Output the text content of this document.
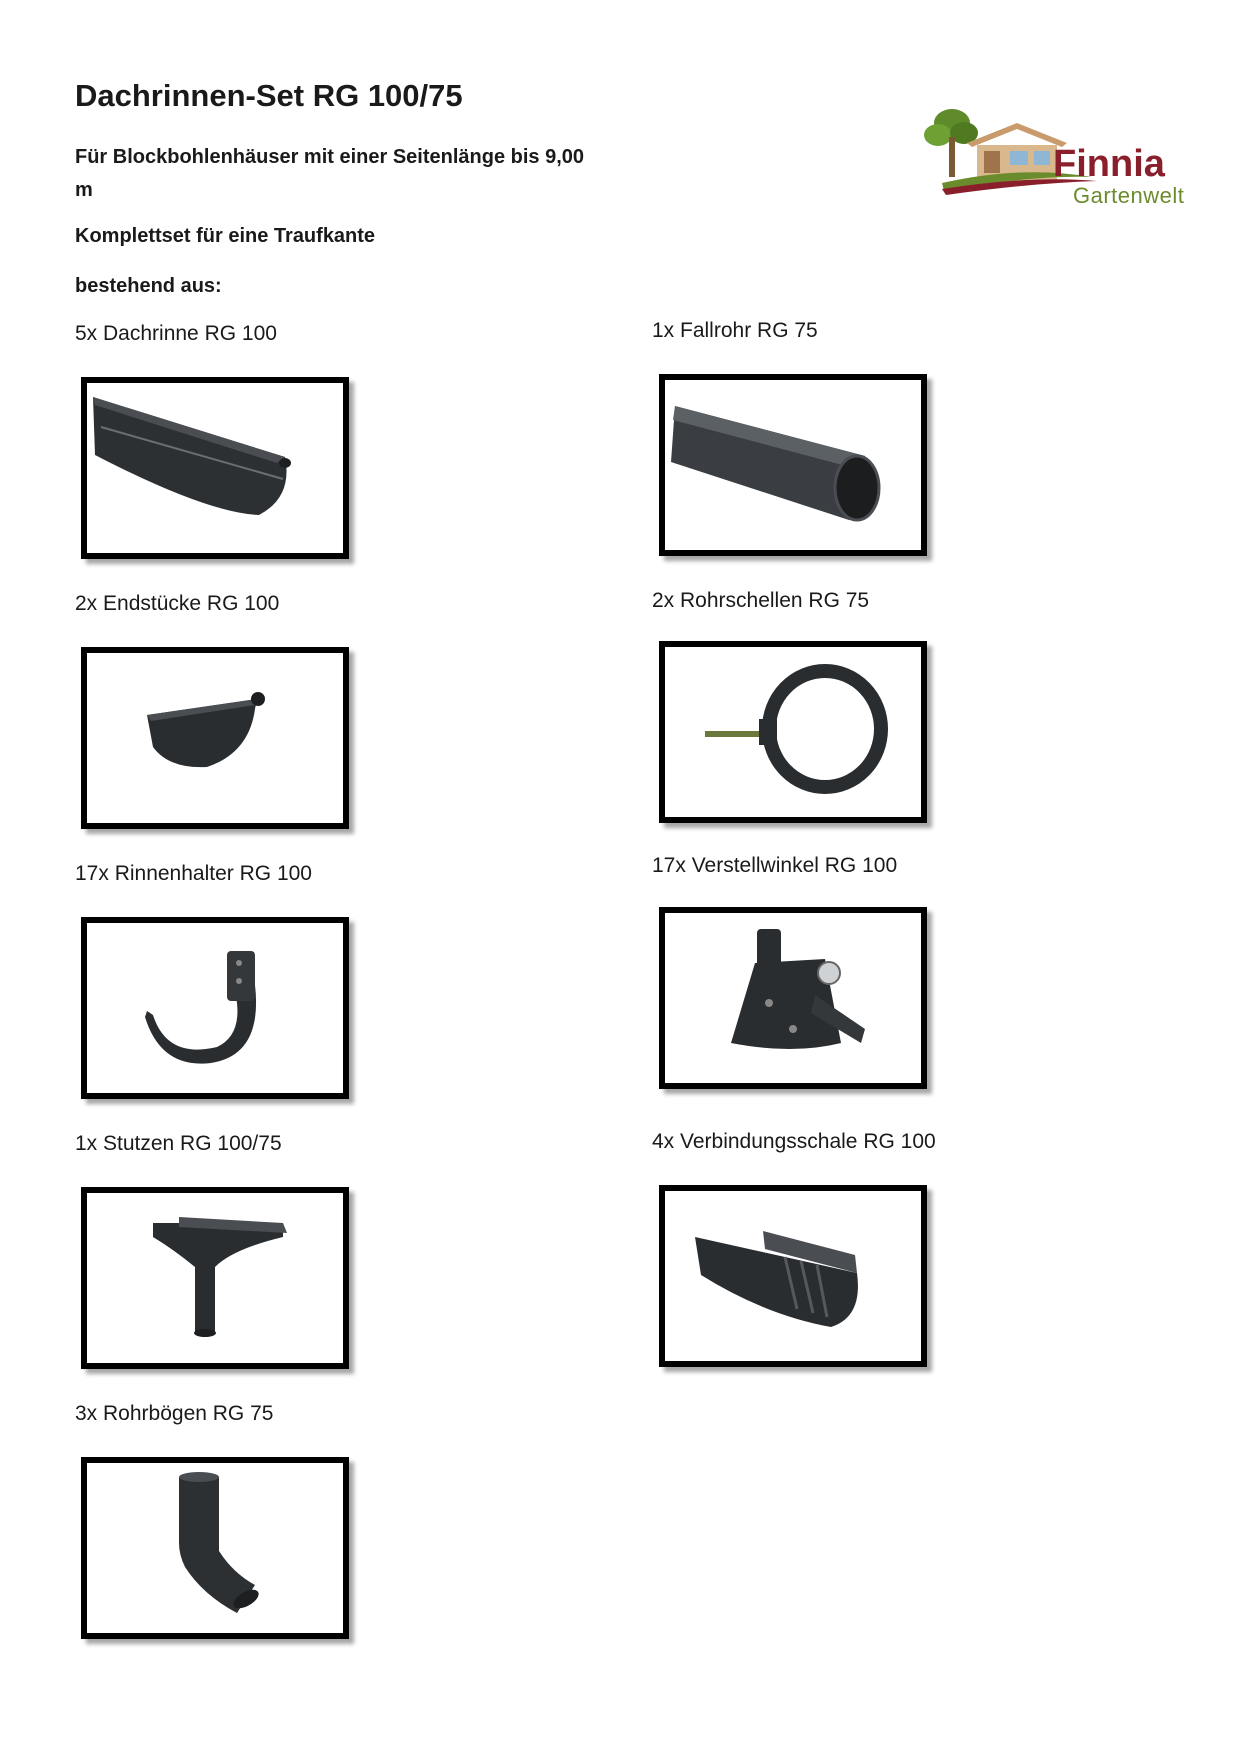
Dachrinnen-Set RG 100/75
Für Blockbohlenhäuser mit einer Seitenlänge bis 9,00 m
Komplettset für eine Traufkante
bestehend aus:
Finnia
Gartenwelt
5x Dachrinne RG 100
2x Endstücke RG 100
17x Rinnenhalter RG 100
1x Stutzen RG 100/75
3x Rohrbögen RG 75
1x Fallrohr RG 75
2x Rohrschellen RG 75
17x Verstellwinkel RG 100
4x Verbindungsschale RG 100
